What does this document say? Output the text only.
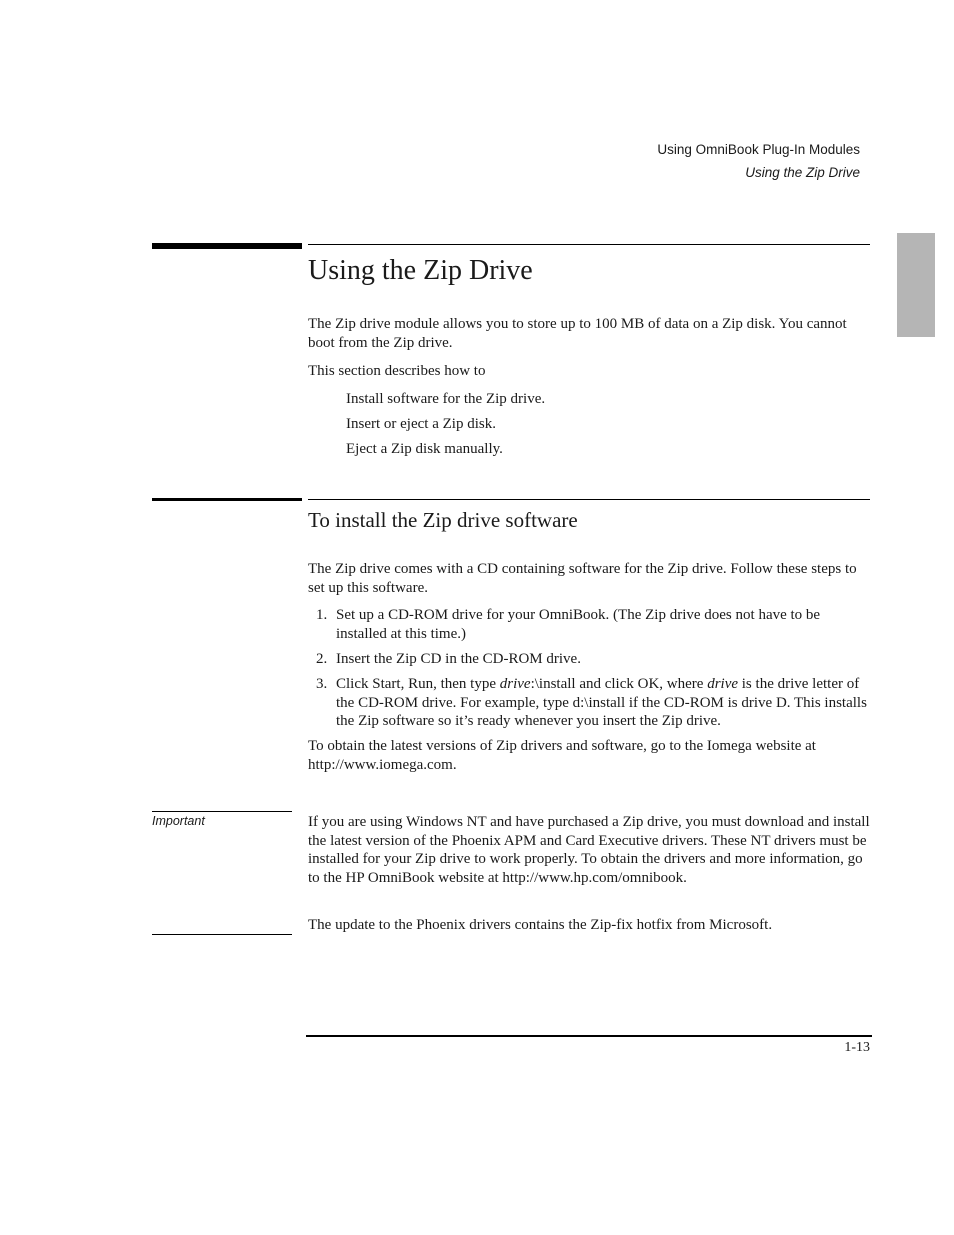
Using OmniBook Plug-In Modules
Using the Zip Drive
Using the Zip Drive

The Zip drive module allows you to store up to 100 MB of data on a Zip disk. You cannot boot from the Zip drive.

This section describes how to

Install software for the Zip drive.
Insert or eject a Zip disk.
Eject a Zip disk manually.
To install the Zip drive software

The Zip drive comes with a CD containing software for the Zip drive. Follow these steps to set up this software.

1. Set up a CD-ROM drive for your OmniBook. (The Zip drive does not have to be installed at this time.)
2. Insert the Zip CD in the CD-ROM drive.
3. Click Start, Run, then type drive:\install and click OK, where drive is the drive letter of the CD-ROM drive. For example, type d:\install if the CD-ROM is drive D. This installs the Zip software so it’s ready whenever you insert the Zip drive.

To obtain the latest versions of Zip drivers and software, go to the Iomega website at http://www.iomega.com.

Important	If you are using Windows NT and have purchased a Zip drive, you must download and install the latest version of the Phoenix APM and Card Executive drivers. These NT drivers must be installed for your Zip drive to work properly. To obtain the drivers and more information, go to the HP OmniBook website at http://www.hp.com/omnibook.

The update to the Phoenix drivers contains the Zip-fix hotfix from Microsoft.

1-13
